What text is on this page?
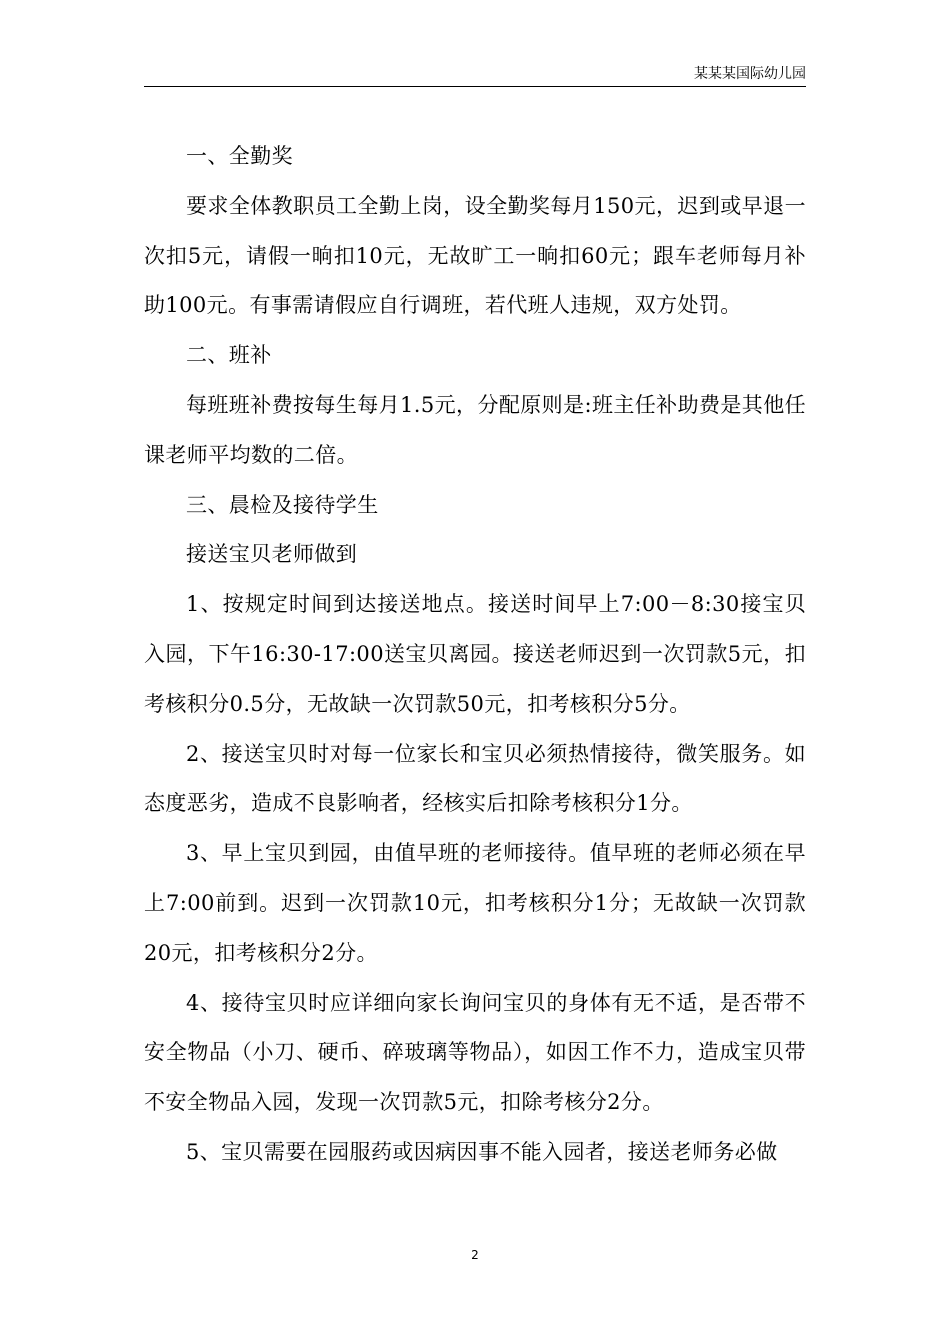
某某某国际幼儿园

一、全勤奖

要求全体教职员工全勤上岗，设全勤奖每月150元，迟到或早退一次扣5元，请假一晌扣10元，无故旷工一晌扣60元；跟车老师每月补助100元。有事需请假应自行调班，若代班人违规，双方处罚。

二、班补

每班班补费按每生每月1.5元，分配原则是:班主任补助费是其他任课老师平均数的二倍。

三、晨检及接待学生

接送宝贝老师做到

1、按规定时间到达接送地点。接送时间早上7:00－8:30接宝贝入园，下午16:30-17:00送宝贝离园。接送老师迟到一次罚款5元，扣考核积分0.5分，无故缺一次罚款50元，扣考核积分5分。

2、接送宝贝时对每一位家长和宝贝必须热情接待，微笑服务。如态度恶劣，造成不良影响者，经核实后扣除考核积分1分。

3、早上宝贝到园，由值早班的老师接待。值早班的老师必须在早上7:00前到。迟到一次罚款10元，扣考核积分1分；无故缺一次罚款20元，扣考核积分2分。

4、接待宝贝时应详细向家长询问宝贝的身体有无不适，是否带不安全物品（小刀、硬币、碎玻璃等物品），如因工作不力，造成宝贝带不安全物品入园，发现一次罚款5元，扣除考核分2分。

5、宝贝需要在园服药或因病因事不能入园者，接送老师务必做

2
